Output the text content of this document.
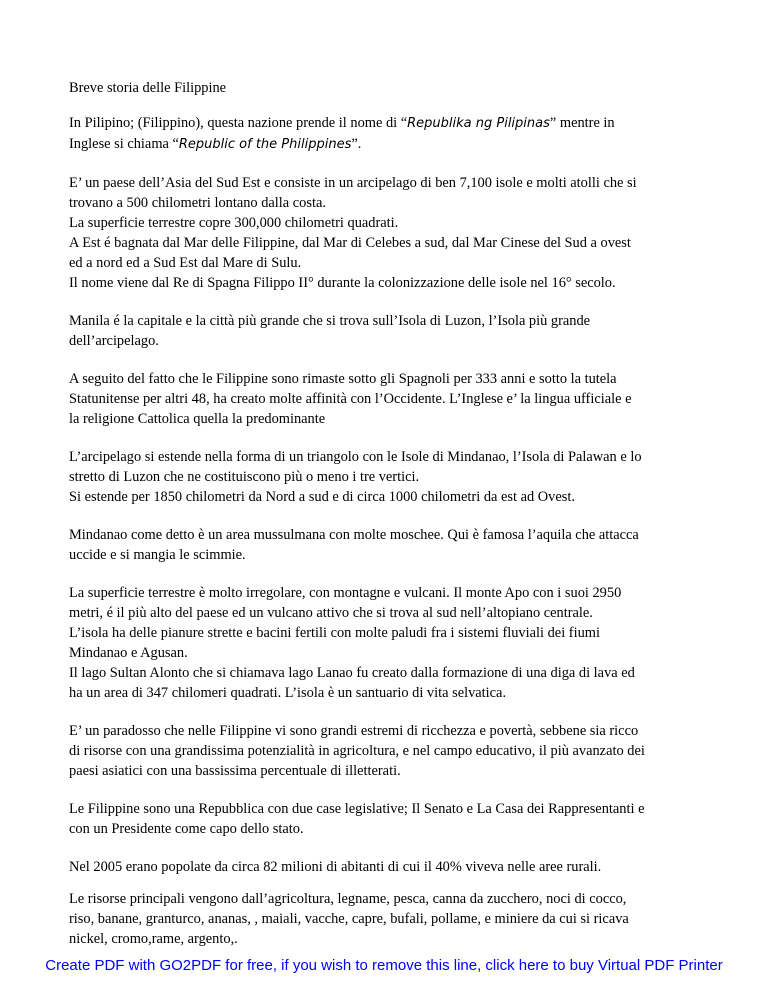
Breve storia delle Filippine

In Pilipino; (Filippino), questa nazione prende il nome di “Republika ng Pilipinas” mentre in
Inglese si chiama “Republic of the Philippines”.

E’ un paese dell’Asia del Sud Est e consiste in un arcipelago di ben 7,100 isole e molti atolli che si
trovano a 500 chilometri lontano dalla costa.
La superficie terrestre copre 300,000 chilometri quadrati.
A Est é bagnata dal Mar delle Filippine, dal Mar di Celebes a sud, dal Mar Cinese del Sud a ovest
ed a nord ed a Sud Est dal Mare di Sulu.
Il nome viene dal Re di Spagna Filippo II° durante la colonizzazione delle isole nel 16° secolo.

Manila é la capitale e la città più grande che si trova sull’Isola di Luzon, l’Isola più grande
dell’arcipelago.

A seguito del fatto che le Filippine sono rimaste sotto gli Spagnoli per 333 anni e sotto la tutela
Statunitense per altri 48, ha creato molte affinità con l’Occidente. L’Inglese e’ la lingua ufficiale e
la religione Cattolica quella la predominante

L’arcipelago si estende nella forma di un triangolo con le Isole di Mindanao, l’Isola di Palawan e lo
stretto di Luzon che ne costituiscono più o meno i tre vertici.
Si estende per 1850 chilometri da Nord a sud e di circa 1000 chilometri da est ad Ovest.

Mindanao come detto è un area mussulmana con molte moschee. Qui è famosa l’aquila che attacca
uccide e si mangia le scimmie.

La superficie terrestre è molto irregolare, con montagne e vulcani. Il monte Apo con i suoi 2950
metri, é il più alto del paese ed un vulcano attivo che si trova al sud nell’altopiano centrale.
L’isola ha delle pianure strette e bacini fertili con molte paludi fra i sistemi fluviali dei fiumi
Mindanao e Agusan.
Il lago Sultan Alonto che si chiamava lago Lanao fu creato dalla formazione di una diga di lava ed
ha un area di 347 chilomeri quadrati. L’isola è un santuario di vita selvatica.

E’ un paradosso che nelle Filippine vi sono grandi estremi di ricchezza e povertà, sebbene sia ricco
di risorse con una grandissima potenzialità in agricoltura, e nel campo educativo, il più avanzato dei
paesi asiatici con una bassissima percentuale di illetterati.

Le Filippine sono una Repubblica con due case legislative; Il Senato e La Casa dei Rappresentanti e
con un Presidente come capo dello stato.

Nel 2005 erano popolate da circa 82 milioni di abitanti di cui il 40% viveva nelle aree rurali.

Le risorse principali vengono dall’agricoltura, legname, pesca, canna da zucchero, noci di cocco,
riso, banane, granturco, ananas, , maiali, vacche, capre, bufali, pollame, e miniere da cui si ricava
nickel, cromo,rame, argento,.

Create PDF with GO2PDF for free, if you wish to remove this line, click here to buy Virtual PDF Printer
